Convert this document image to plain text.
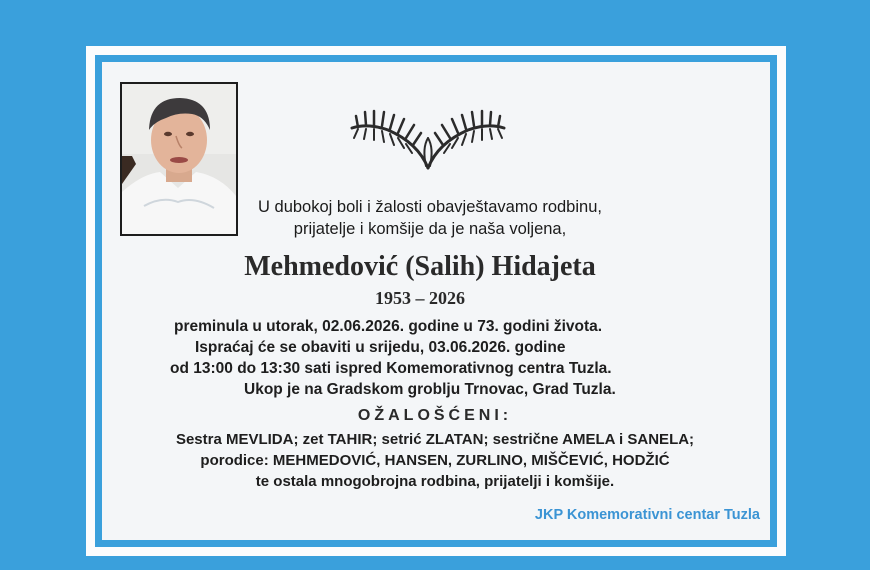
U dubokoj boli i žalosti obavještavamo rodbinu,
prijatelje i komšije da je naša voljena,
Mehmedović (Salih) Hidajeta
1953 – 2026
preminula u utorak, 02.06.2026. godine u 73. godini života.
Ispraćaj će se obaviti u srijedu, 03.06.2026. godine
od 13:00 do 13:30 sati ispred Komemorativnog centra Tuzla.
Ukop je na Gradskom groblju Trnovac, Grad Tuzla.
OŽALOŠĆENI:
Sestra MEVLIDA; zet TAHIR; setrić ZLATAN; sestrične AMELA i SANELA;
porodice: MEHMEDOVIĆ, HANSEN, ZURLINO, MIŠČEVIĆ, HODŽIĆ
te ostala mnogobrojna rodbina, prijatelji i komšije.
JKP Komemorativni centar Tuzla
